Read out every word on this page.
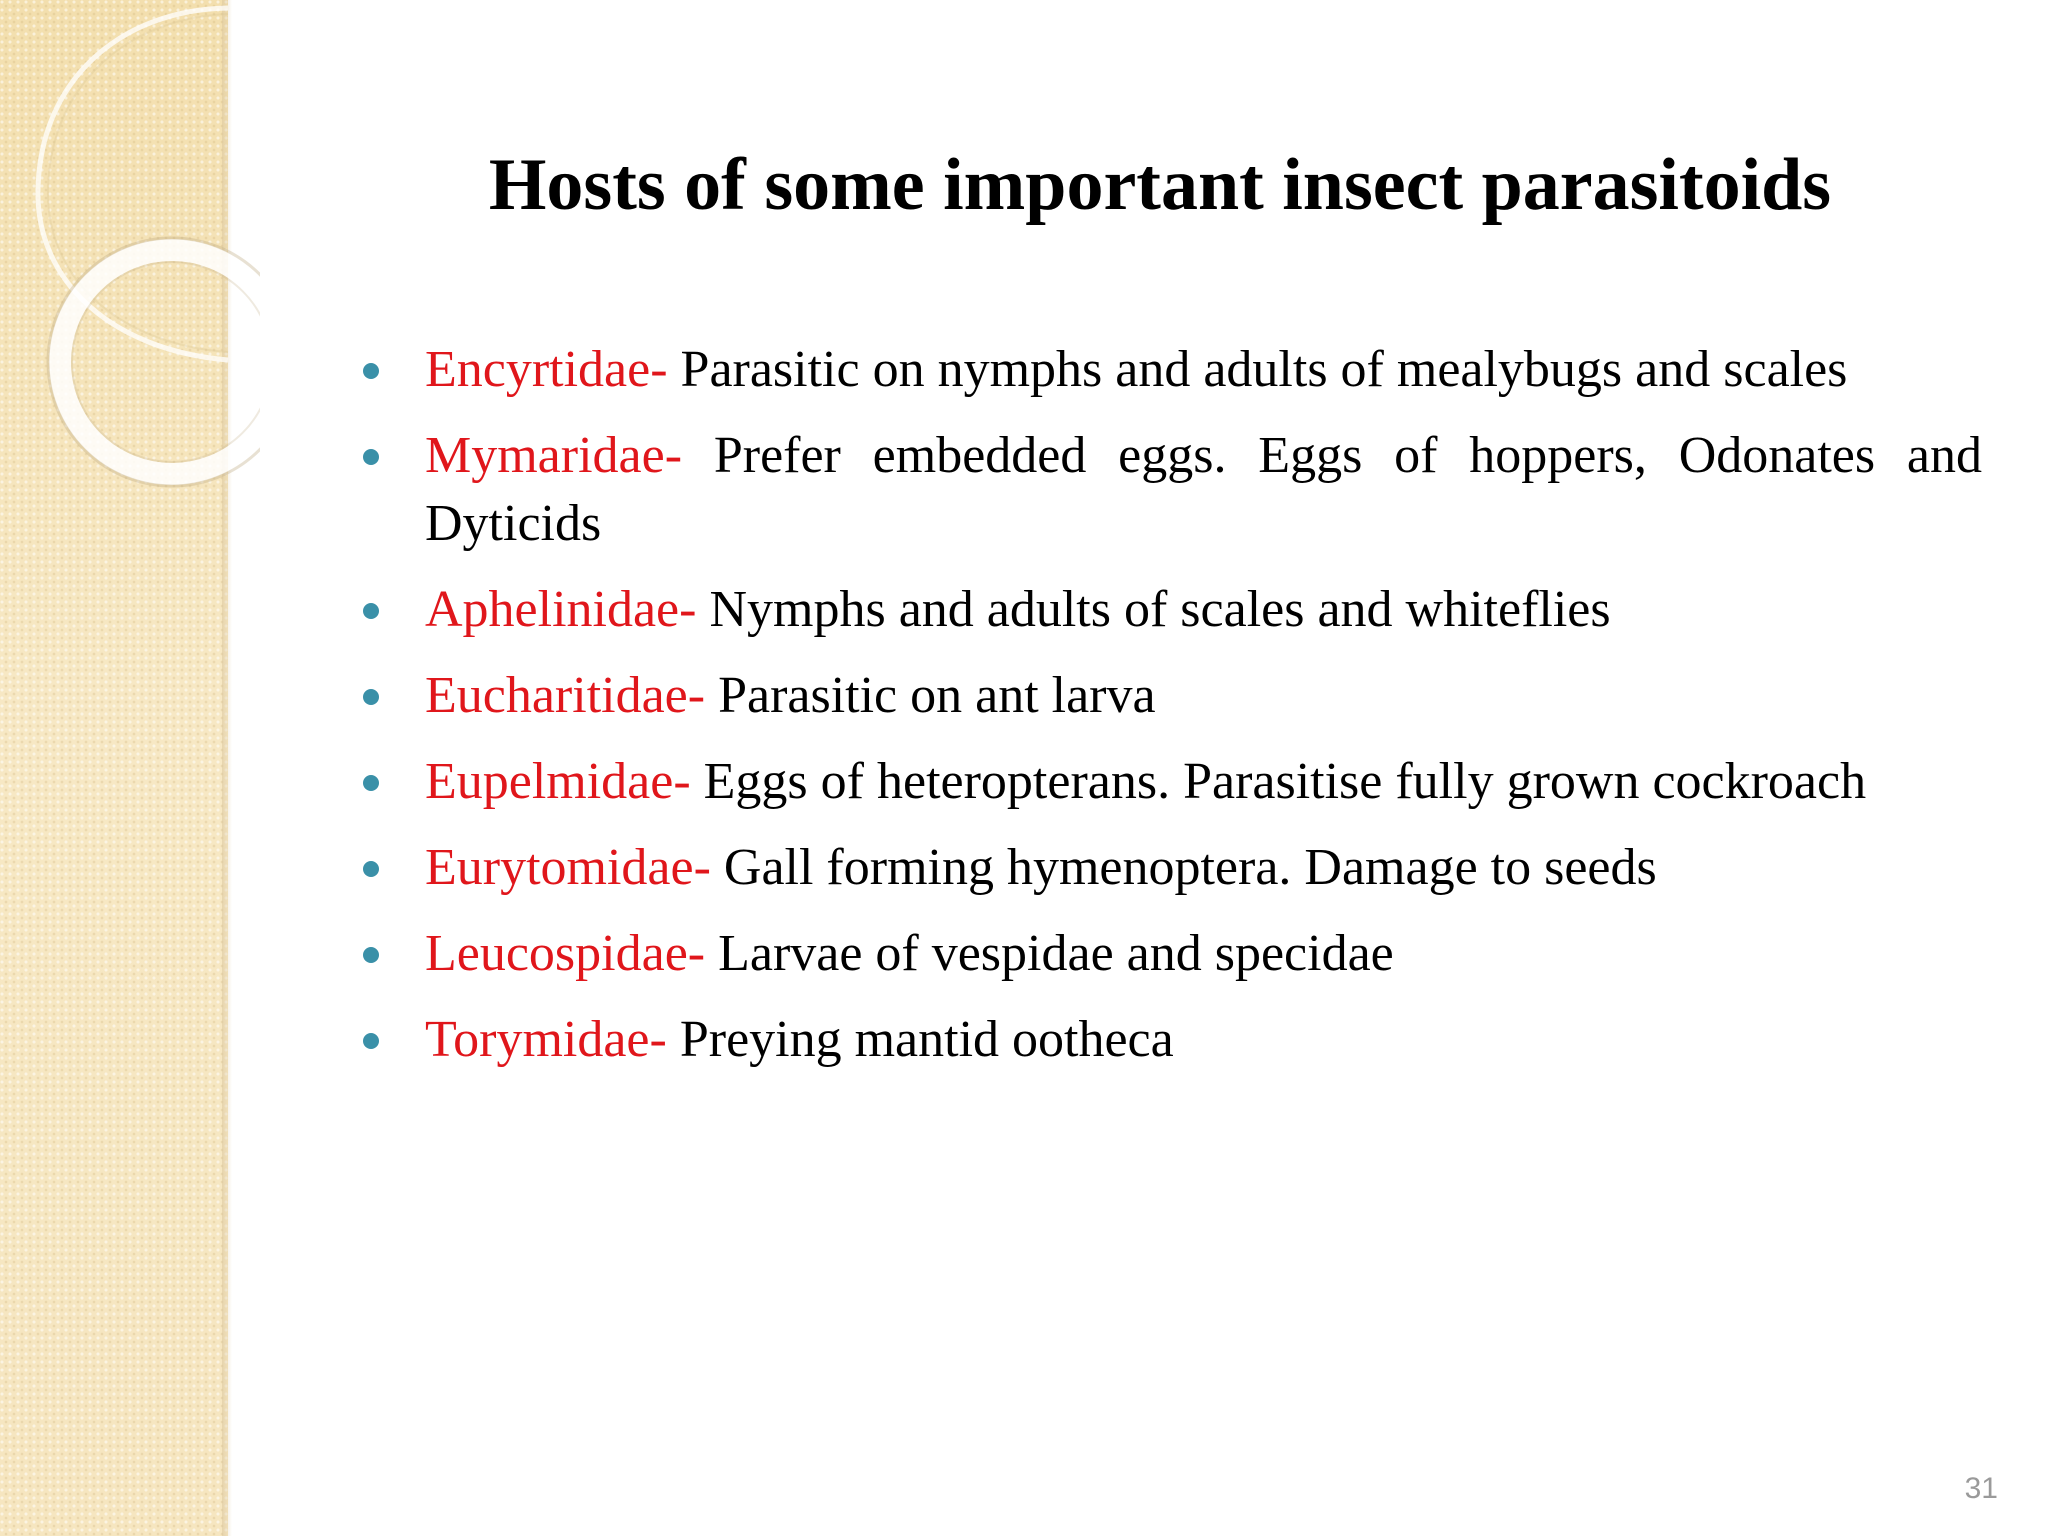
Hosts of some important insect parasitoids
Encyrtidae- Parasitic on nymphs and adults of mealybugs and scales
Mymaridae- Prefer embedded eggs. Eggs of hoppers, Odonates and Dyticids
Aphelinidae- Nymphs and adults of scales and whiteflies
Eucharitidae- Parasitic on ant larva
Eupelmidae- Eggs of heteropterans. Parasitise fully grown cockroach
Eurytomidae- Gall forming hymenoptera. Damage to seeds
Leucospidae- Larvae of vespidae and specidae
Torymidae- Preying mantid ootheca
31
